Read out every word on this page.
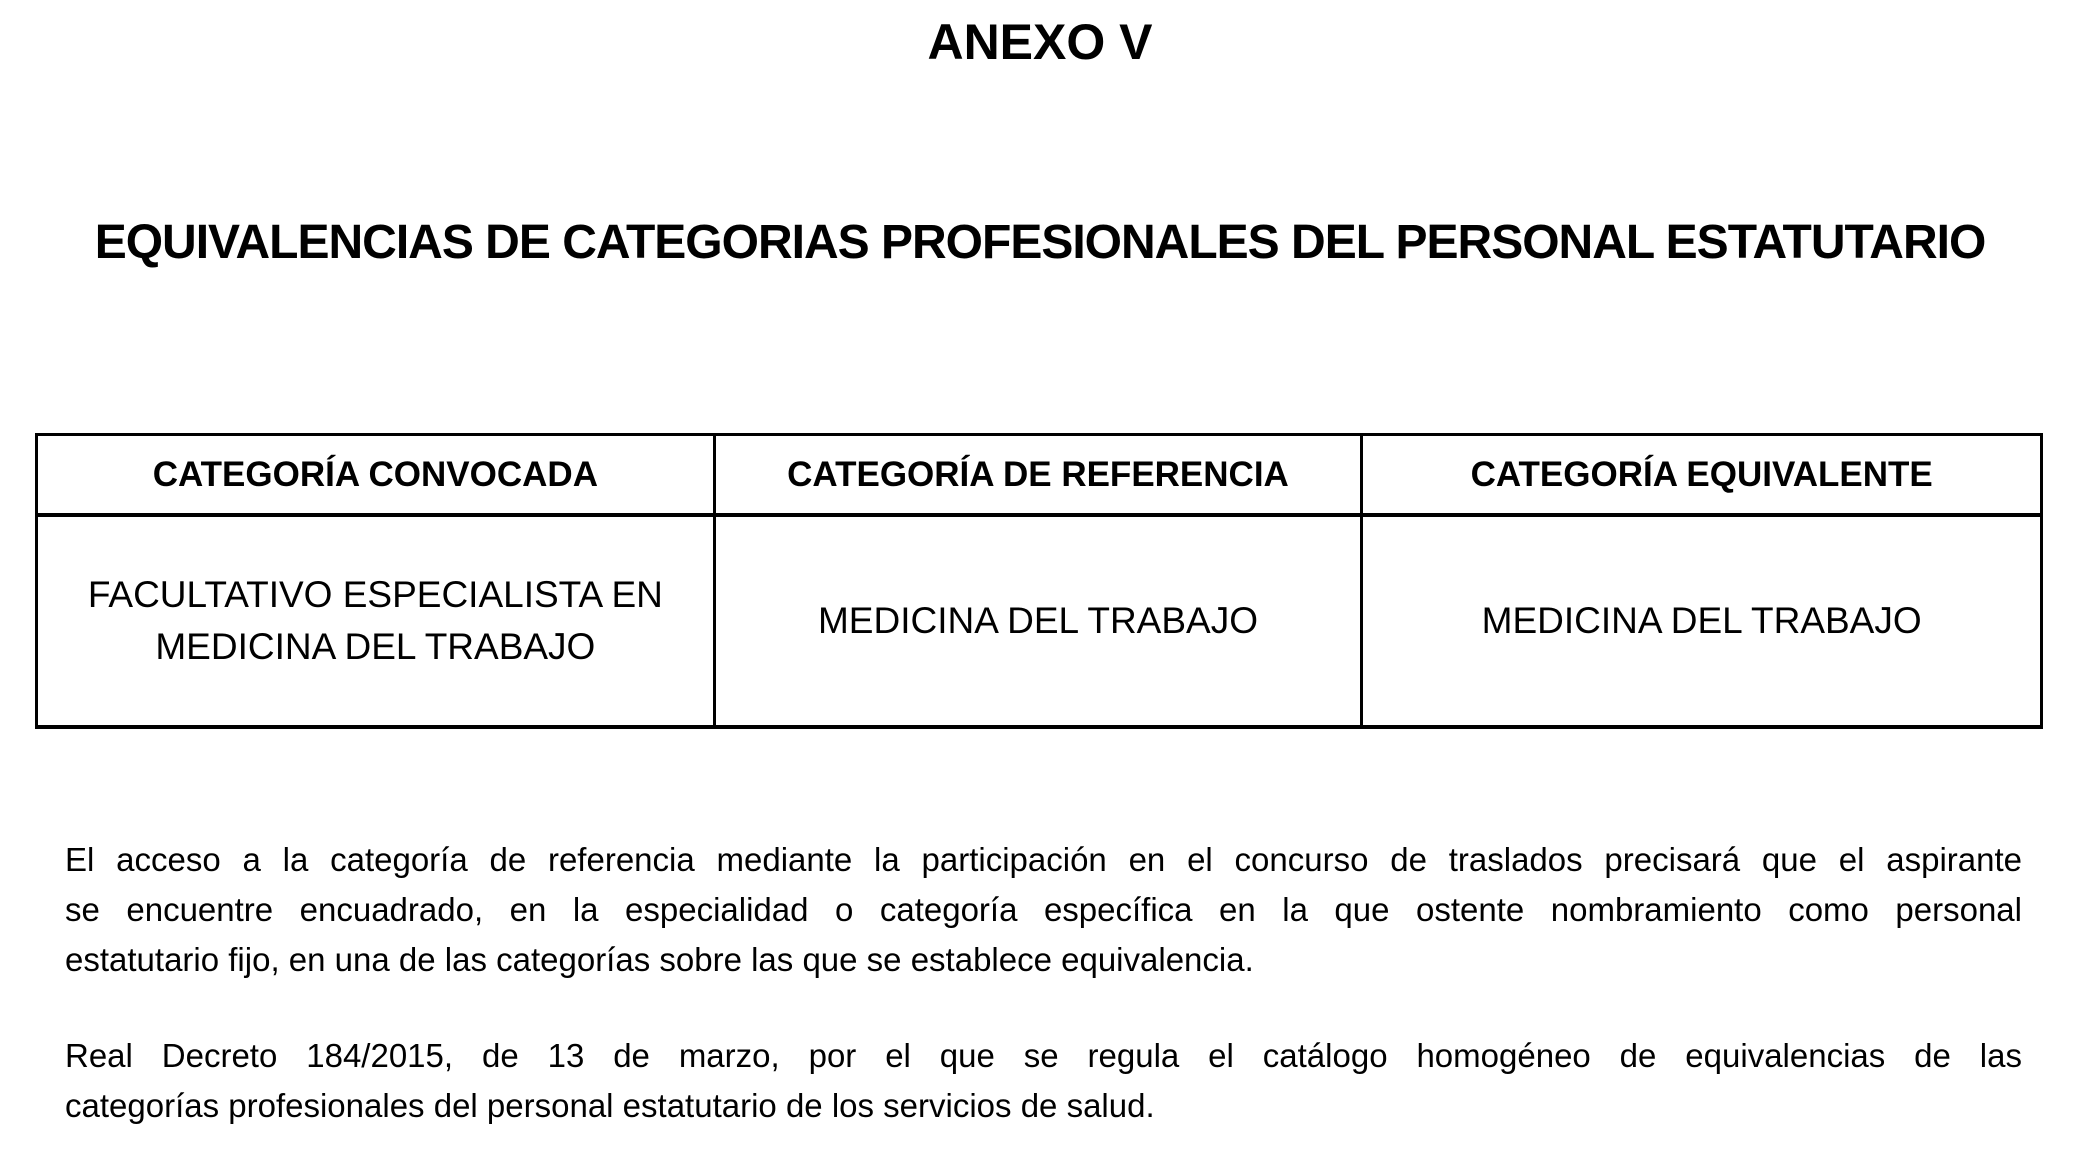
ANEXO V
EQUIVALENCIAS DE CATEGORIAS PROFESIONALES DEL PERSONAL ESTATUTARIO
CATEGORÍA CONVOCADA	CATEGORÍA DE REFERENCIA	CATEGORÍA EQUIVALENTE
FACULTATIVO ESPECIALISTA EN MEDICINA DEL TRABAJO	MEDICINA DEL TRABAJO	MEDICINA DEL TRABAJO
El acceso a la categoría de referencia mediante la participación en el concurso de traslados precisará que el aspirante
se encuentre encuadrado, en la especialidad o categoría específica en la que ostente nombramiento como personal
estatutario fijo, en una de las categorías sobre las que se establece equivalencia.
Real Decreto 184/2015, de 13 de marzo, por el que se regula el catálogo homogéneo de equivalencias de las
categorías profesionales del personal estatutario de los servicios de salud.
